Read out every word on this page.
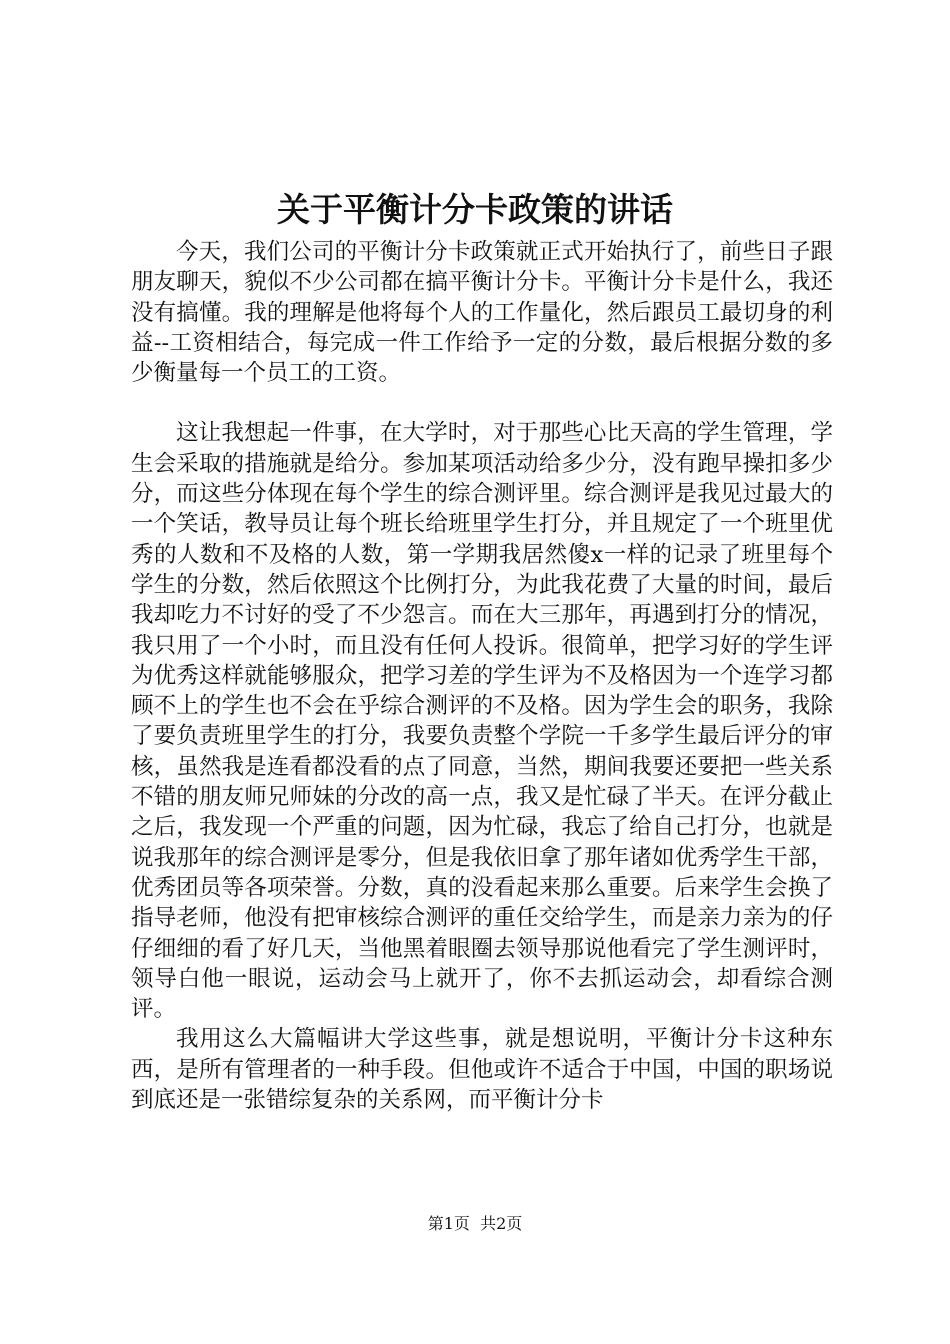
关于平衡计分卡政策的讲话

今天，我们公司的平衡计分卡政策就正式开始执行了，前些日子跟朋友聊天，貌似不少公司都在搞平衡计分卡。平衡计分卡是什么，我还没有搞懂。我的理解是他将每个人的工作量化，然后跟员工最切身的利益--工资相结合，每完成一件工作给予一定的分数，最后根据分数的多少衡量每一个员工的工资。

这让我想起一件事，在大学时，对于那些心比天高的学生管理，学生会采取的措施就是给分。参加某项活动给多少分，没有跑早操扣多少分，而这些分体现在每个学生的综合测评里。综合测评是我见过最大的一个笑话，教导员让每个班长给班里学生打分，并且规定了一个班里优秀的人数和不及格的人数，第一学期我居然傻x一样的记录了班里每个学生的分数，然后依照这个比例打分，为此我花费了大量的时间，最后我却吃力不讨好的受了不少怨言。而在大三那年，再遇到打分的情况，我只用了一个小时，而且没有任何人投诉。很简单，把学习好的学生评为优秀这样就能够服众，把学习差的学生评为不及格因为一个连学习都顾不上的学生也不会在乎综合测评的不及格。因为学生会的职务，我除了要负责班里学生的打分，我要负责整个学院一千多学生最后评分的审核，虽然我是连看都没看的点了同意，当然，期间我要还要把一些关系不错的朋友师兄师妹的分改的高一点，我又是忙碌了半天。在评分截止之后，我发现一个严重的问题，因为忙碌，我忘了给自己打分，也就是说我那年的综合测评是零分，但是我依旧拿了那年诸如优秀学生干部，优秀团员等各项荣誉。分数，真的没看起来那么重要。后来学生会换了指导老师，他没有把审核综合测评的重任交给学生，而是亲力亲为的仔仔细细的看了好几天，当他黑着眼圈去领导那说他看完了学生测评时，领导白他一眼说，运动会马上就开了，你不去抓运动会，却看综合测评。

我用这么大篇幅讲大学这些事，就是想说明，平衡计分卡这种东西，是所有管理者的一种手段。但他或许不适合于中国，中国的职场说到底还是一张错综复杂的关系网，而平衡计分卡

第1页  共2页
